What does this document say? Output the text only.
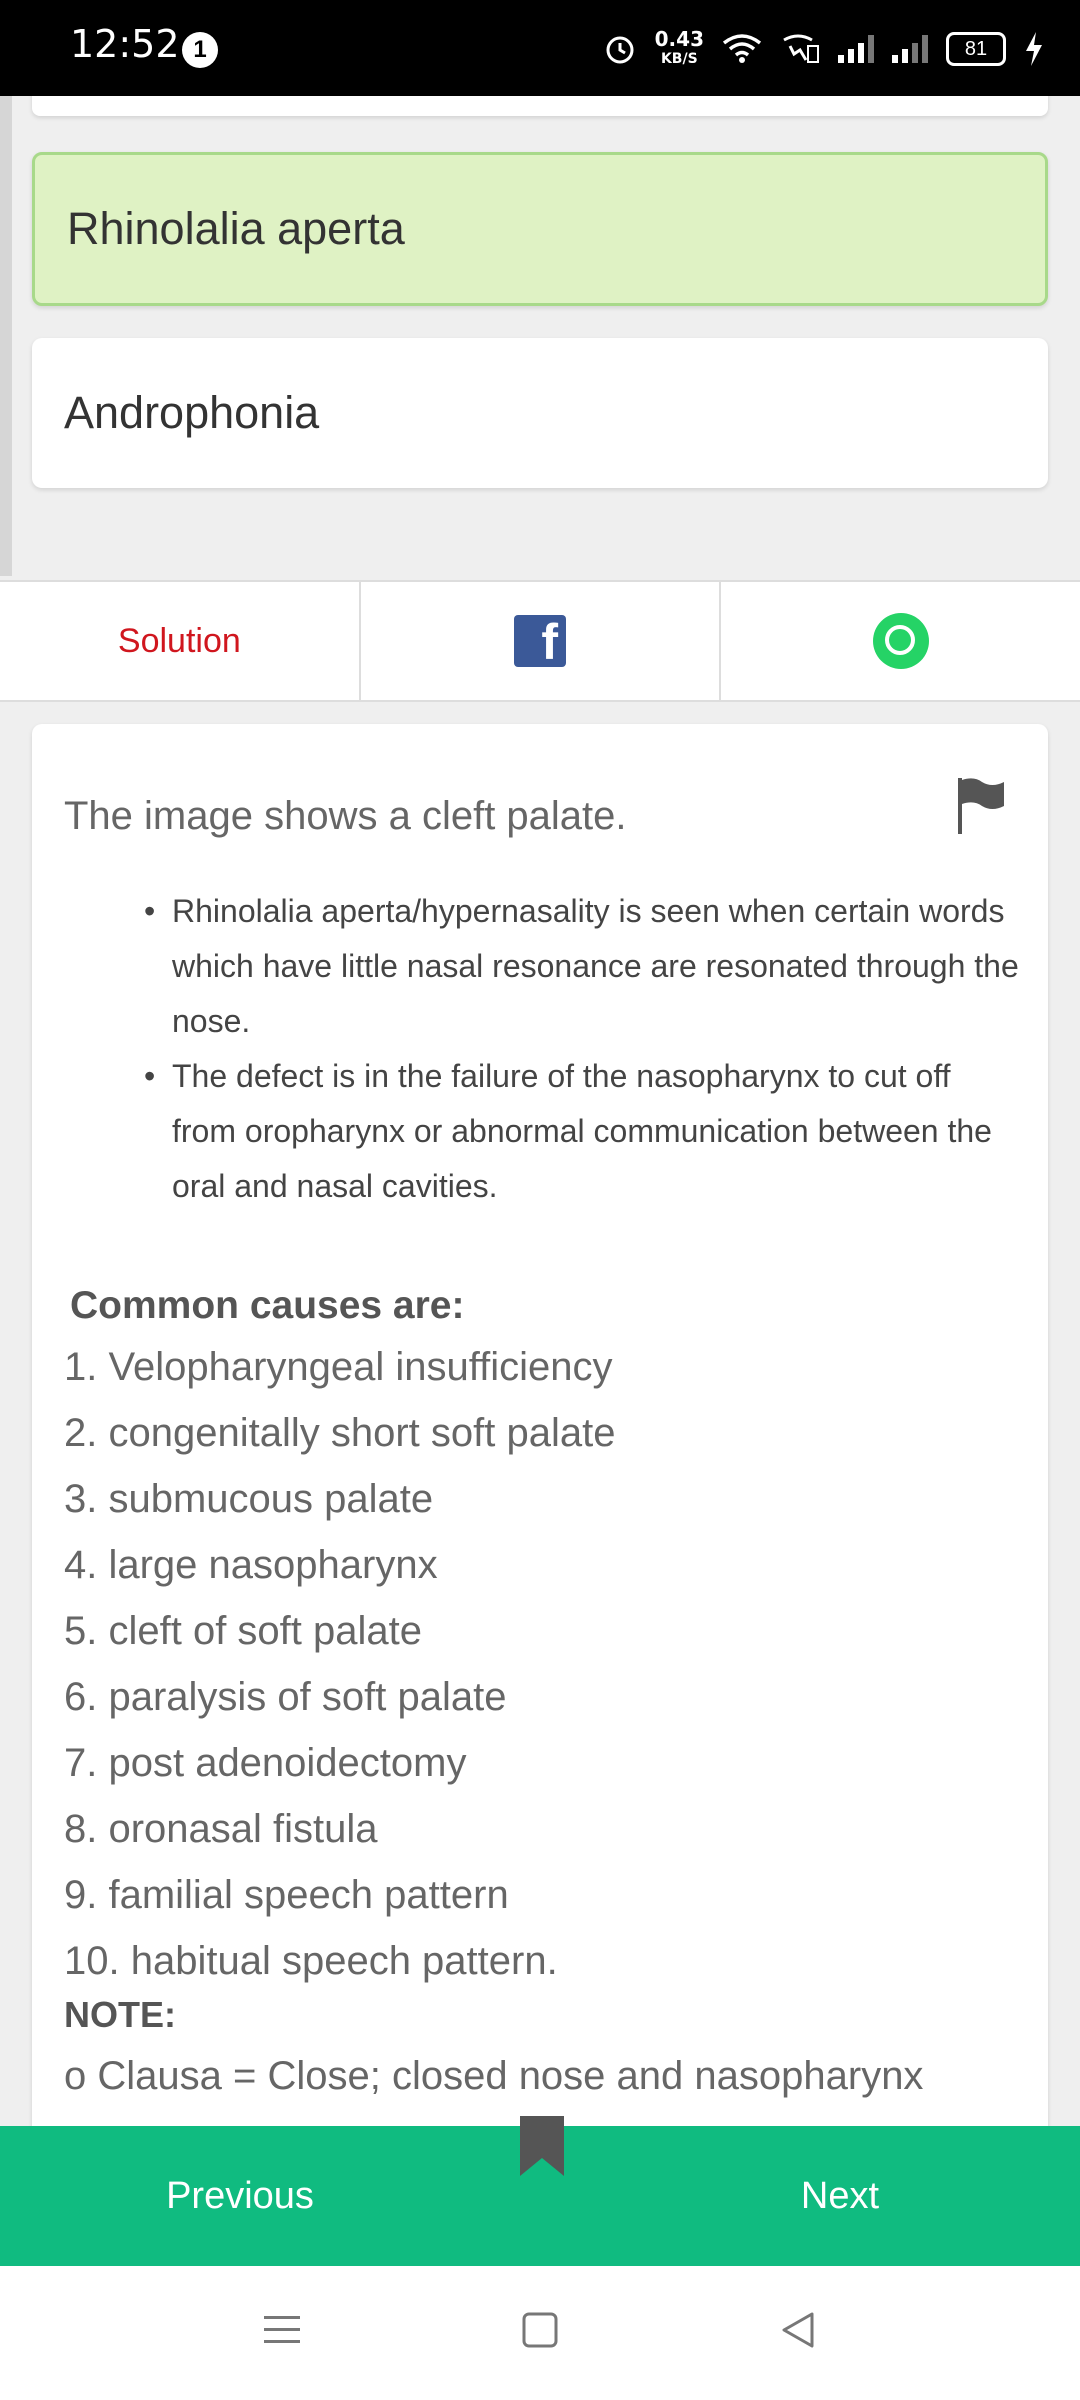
12:52 1	0.43
KB/S	81
Rhinolalia aperta
Androphonia
Solution	f
The image shows a cleft palate.
• Rhinolalia aperta/hypernasality is seen when certain words which have little nasal resonance are resonated through the nose.
• The defect is in the failure of the nasopharynx to cut off from oropharynx or abnormal communication between the oral and nasal cavities.
Common causes are:
1. Velopharyngeal insufficiency
2. congenitally short soft palate
3. submucous palate
4. large nasopharynx
5. cleft of soft palate
6. paralysis of soft palate
7. post adenoidectomy
8. oronasal fistula
9. familial speech pattern
10. habitual speech pattern.
NOTE:
o Clausa = Close; closed nose and nasopharynx
Previous	Next
